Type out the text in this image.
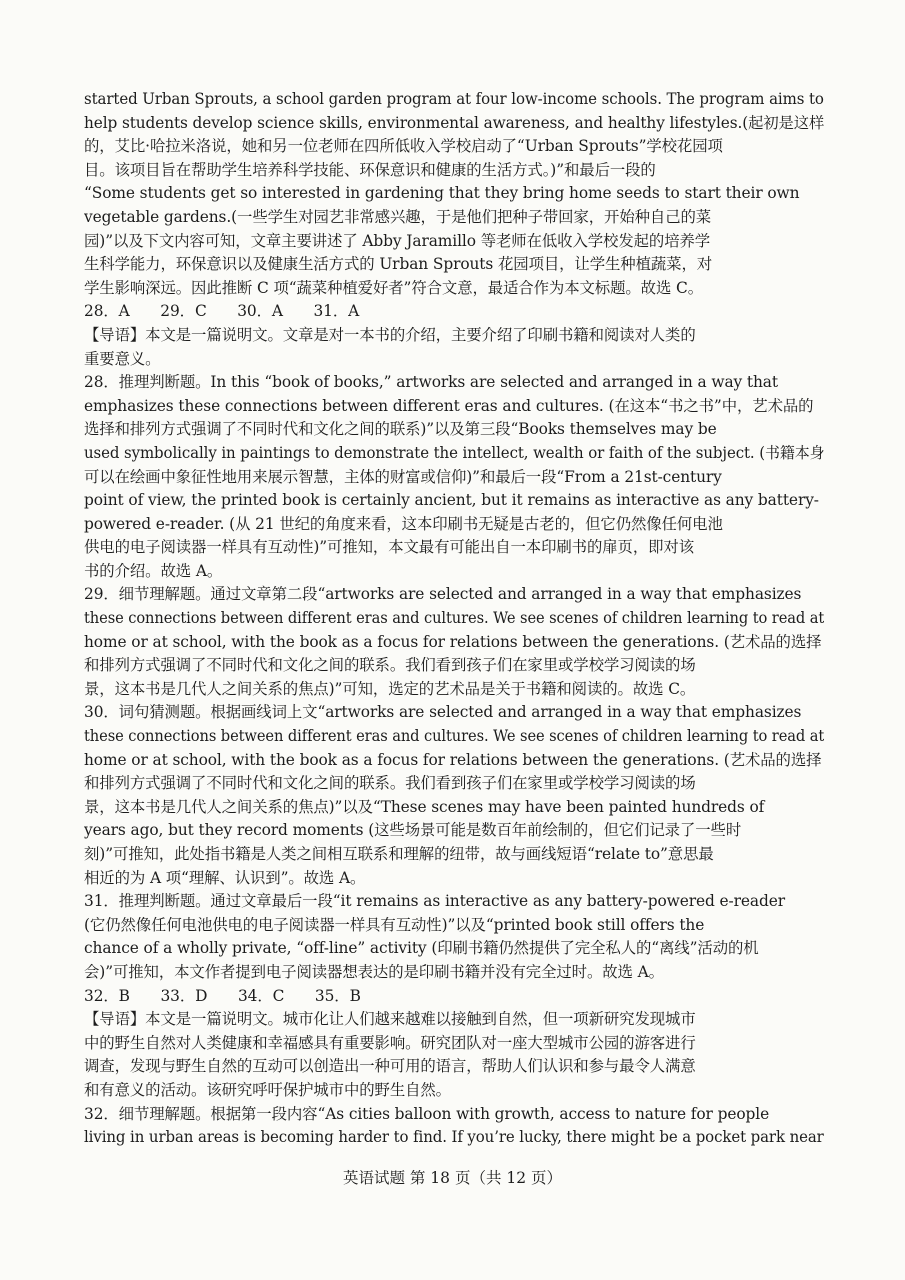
started Urban Sprouts, a school garden program at four low-income schools. The program aims to
help students develop science skills, environmental awareness, and healthy lifestyles.(起初是这样
的，艾比·哈拉米洛说，她和另一位老师在四所低收入学校启动了“Urban Sprouts”学校花园项
目。该项目旨在帮助学生培养科学技能、环保意识和健康的生活方式。)”和最后一段的
“Some students get so interested in gardening that they bring home seeds to start their own
vegetable gardens.(一些学生对园艺非常感兴趣，于是他们把种子带回家，开始种自己的菜
园)”以及下文内容可知，文章主要讲述了 Abby Jaramillo 等老师在低收入学校发起的培养学
生科学能力，环保意识以及健康生活方式的 Urban Sprouts 花园项目，让学生种植蔬菜，对
学生影响深远。因此推断 C 项“蔬菜种植爱好者”符合文意，最适合作为本文标题。故选 C。
28．A　　29．C　　30．A　　31．A
【导语】本文是一篇说明文。文章是对一本书的介绍，主要介绍了印刷书籍和阅读对人类的
重要意义。
28．推理判断题。In this “book of books,” artworks are selected and arranged in a way that
emphasizes these connections between different eras and cultures. (在这本“书之书”中，艺术品的
选择和排列方式强调了不同时代和文化之间的联系)”以及第三段“Books themselves may be
used symbolically in paintings to demonstrate the intellect, wealth or faith of the subject. (书籍本身
可以在绘画中象征性地用来展示智慧，主体的财富或信仰)”和最后一段“From a 21st-century
point of view, the printed book is certainly ancient, but it remains as interactive as any battery-
powered e-reader. (从 21 世纪的角度来看，这本印刷书无疑是古老的，但它仍然像任何电池
供电的电子阅读器一样具有互动性)”可推知，本文最有可能出自一本印刷书的扉页，即对该
书的介绍。故选 A。
29．细节理解题。通过文章第二段“artworks are selected and arranged in a way that emphasizes
these connections between different eras and cultures. We see scenes of children learning to read at
home or at school, with the book as a focus for relations between the generations. (艺术品的选择
和排列方式强调了不同时代和文化之间的联系。我们看到孩子们在家里或学校学习阅读的场
景，这本书是几代人之间关系的焦点)”可知，选定的艺术品是关于书籍和阅读的。故选 C。
30．词句猜测题。根据画线词上文“artworks are selected and arranged in a way that emphasizes
these connections between different eras and cultures. We see scenes of children learning to read at
home or at school, with the book as a focus for relations between the generations. (艺术品的选择
和排列方式强调了不同时代和文化之间的联系。我们看到孩子们在家里或学校学习阅读的场
景，这本书是几代人之间关系的焦点)”以及“These scenes may have been painted hundreds of
years ago, but they record moments (这些场景可能是数百年前绘制的，但它们记录了一些时
刻)”可推知，此处指书籍是人类之间相互联系和理解的纽带，故与画线短语“relate to”意思最
相近的为 A 项“理解、认识到”。故选 A。
31．推理判断题。通过文章最后一段“it remains as interactive as any battery-powered e-reader
(它仍然像任何电池供电的电子阅读器一样具有互动性)”以及“printed book still offers the
chance of a wholly private, “off-line” activity (印刷书籍仍然提供了完全私人的“离线”活动的机
会)”可推知，本文作者提到电子阅读器想表达的是印刷书籍并没有完全过时。故选 A。
32．B　　33．D　　34．C　　35．B
【导语】本文是一篇说明文。城市化让人们越来越难以接触到自然，但一项新研究发现城市
中的野生自然对人类健康和幸福感具有重要影响。研究团队对一座大型城市公园的游客进行
调查，发现与野生自然的互动可以创造出一种可用的语言，帮助人们认识和参与最令人满意
和有意义的活动。该研究呼吁保护城市中的野生自然。
32．细节理解题。根据第一段内容“As cities balloon with growth, access to nature for people
living in urban areas is becoming harder to find. If you’re lucky, there might be a pocket park near
英语试题 第 18 页（共 12 页）
